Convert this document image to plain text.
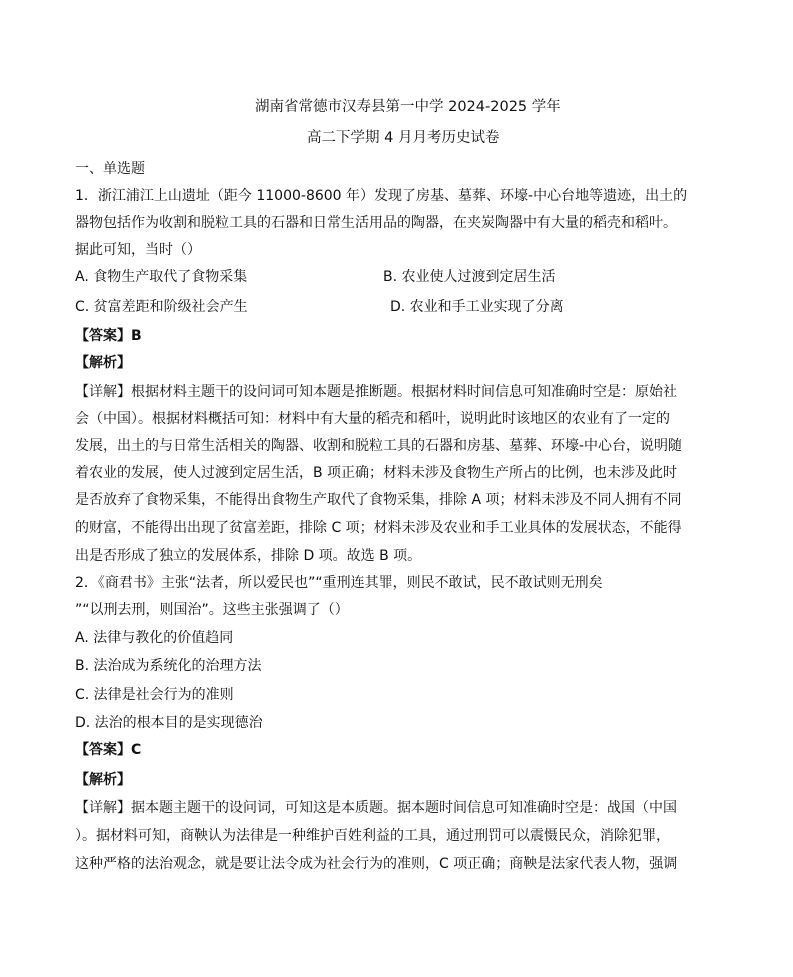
湖南省常德市汉寿县第一中学 2024-2025 学年
高二下学期 4 月月考历史试卷
一、单选题
1．浙江浦江上山遗址（距今 11000-8600 年）发现了房基、墓葬、环壕-中心台地等遗迹，出土的
器物包括作为收割和脱粒工具的石器和日常生活用品的陶器，在夹炭陶器中有大量的稻壳和稻叶。
据此可知，当时（）
A. 食物生产取代了食物采集	B. 农业使人过渡到定居生活
C. 贫富差距和阶级社会产生	D. 农业和手工业实现了分离
【答案】B
【解析】
【详解】根据材料主题干的设问词可知本题是推断题。根据材料时间信息可知准确时空是：原始社
会（中国）。根据材料概括可知：材料中有大量的稻壳和稻叶，说明此时该地区的农业有了一定的
发展，出土的与日常生活相关的陶器、收割和脱粒工具的石器和房基、墓葬、环壕-中心台，说明随
着农业的发展，使人过渡到定居生活，B 项正确；材料未涉及食物生产所占的比例，也未涉及此时
是否放弃了食物采集，不能得出食物生产取代了食物采集，排除 A 项；材料未涉及不同人拥有不同
的财富，不能得出出现了贫富差距，排除 C 项；材料未涉及农业和手工业具体的发展状态，不能得
出是否形成了独立的发展体系，排除 D 项。故选 B 项。
2．《商君书》主张“法者，所以爱民也”“重刑连其罪，则民不敢试，民不敢试则无刑矣
”“以刑去刑，则国治”。这些主张强调了（）
A. 法律与教化的价值趋同
B. 法治成为系统化的治理方法
C. 法律是社会行为的准则
D. 法治的根本目的是实现德治
【答案】C
【解析】
【详解】据本题主题干的设问词，可知这是本质题。据本题时间信息可知准确时空是：战国（中国
）。据材料可知，商鞅认为法律是一种维护百姓利益的工具，通过刑罚可以震慑民众，消除犯罪，
这种严格的法治观念，就是要让法令成为社会行为的准则，C 项正确；商鞅是法家代表人物，强调
